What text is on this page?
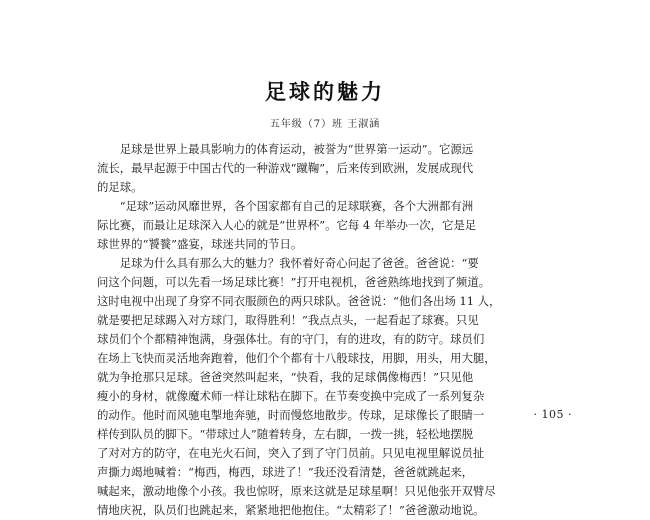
足球的魅力
五年级（7）班 王淑涵
　　足球是世界上最具影响力的体育运动，被誉为“世界第一运动”。它源远
流长，最早起源于中国古代的一种游戏“蹴鞠”，后来传到欧洲，发展成现代
的足球。
　　“足球”运动风靡世界，各个国家都有自己的足球联赛，各个大洲都有洲
际比赛，而最让足球深入人心的就是“世界杯”。它每 4 年举办一次，它是足
球世界的“饕餮”盛宴，球迷共同的节日。
　　足球为什么具有那么大的魅力？我怀着好奇心问起了爸爸。爸爸说：“要
问这个问题，可以先看一场足球比赛！”打开电视机，爸爸熟练地找到了频道。
这时电视中出现了身穿不同衣服颜色的两只球队。爸爸说：“他们各出场 11 人，
就是要把足球踢入对方球门，取得胜利！”我点点头，一起看起了球赛。只见
球员们个个都精神饱满，身强体壮。有的守门，有的进攻，有的防守。球员们
在场上飞快而灵活地奔跑着，他们个个都有十八般球技，用脚，用头，用大腿，
就为争抢那只足球。爸爸突然叫起来，“快看，我的足球偶像梅西！”只见他
瘦小的身材，就像魔术师一样让球粘在脚下。在节奏变换中完成了一系列复杂
的动作。他时而风驰电掣地奔驰，时而慢悠地散步。传球，足球像长了眼睛一
样传到队员的脚下。“带球过人”随着转身，左右脚，一拨一挑，轻松地摆脱
了对对方的防守，在电光火石间，突入了到了守门员前。只见电视里解说员扯
声撕力竭地喊着：“梅西，梅西，球进了！”我还没看清楚，爸爸就跳起来，
喊起来，激动地像个小孩。我也惊呀，原来这就是足球星啊！只见他张开双臂尽
情地庆祝，队员们也跳起来，紧紧地把他抱住。“太精彩了！”爸爸激动地说。
· 105 ·
